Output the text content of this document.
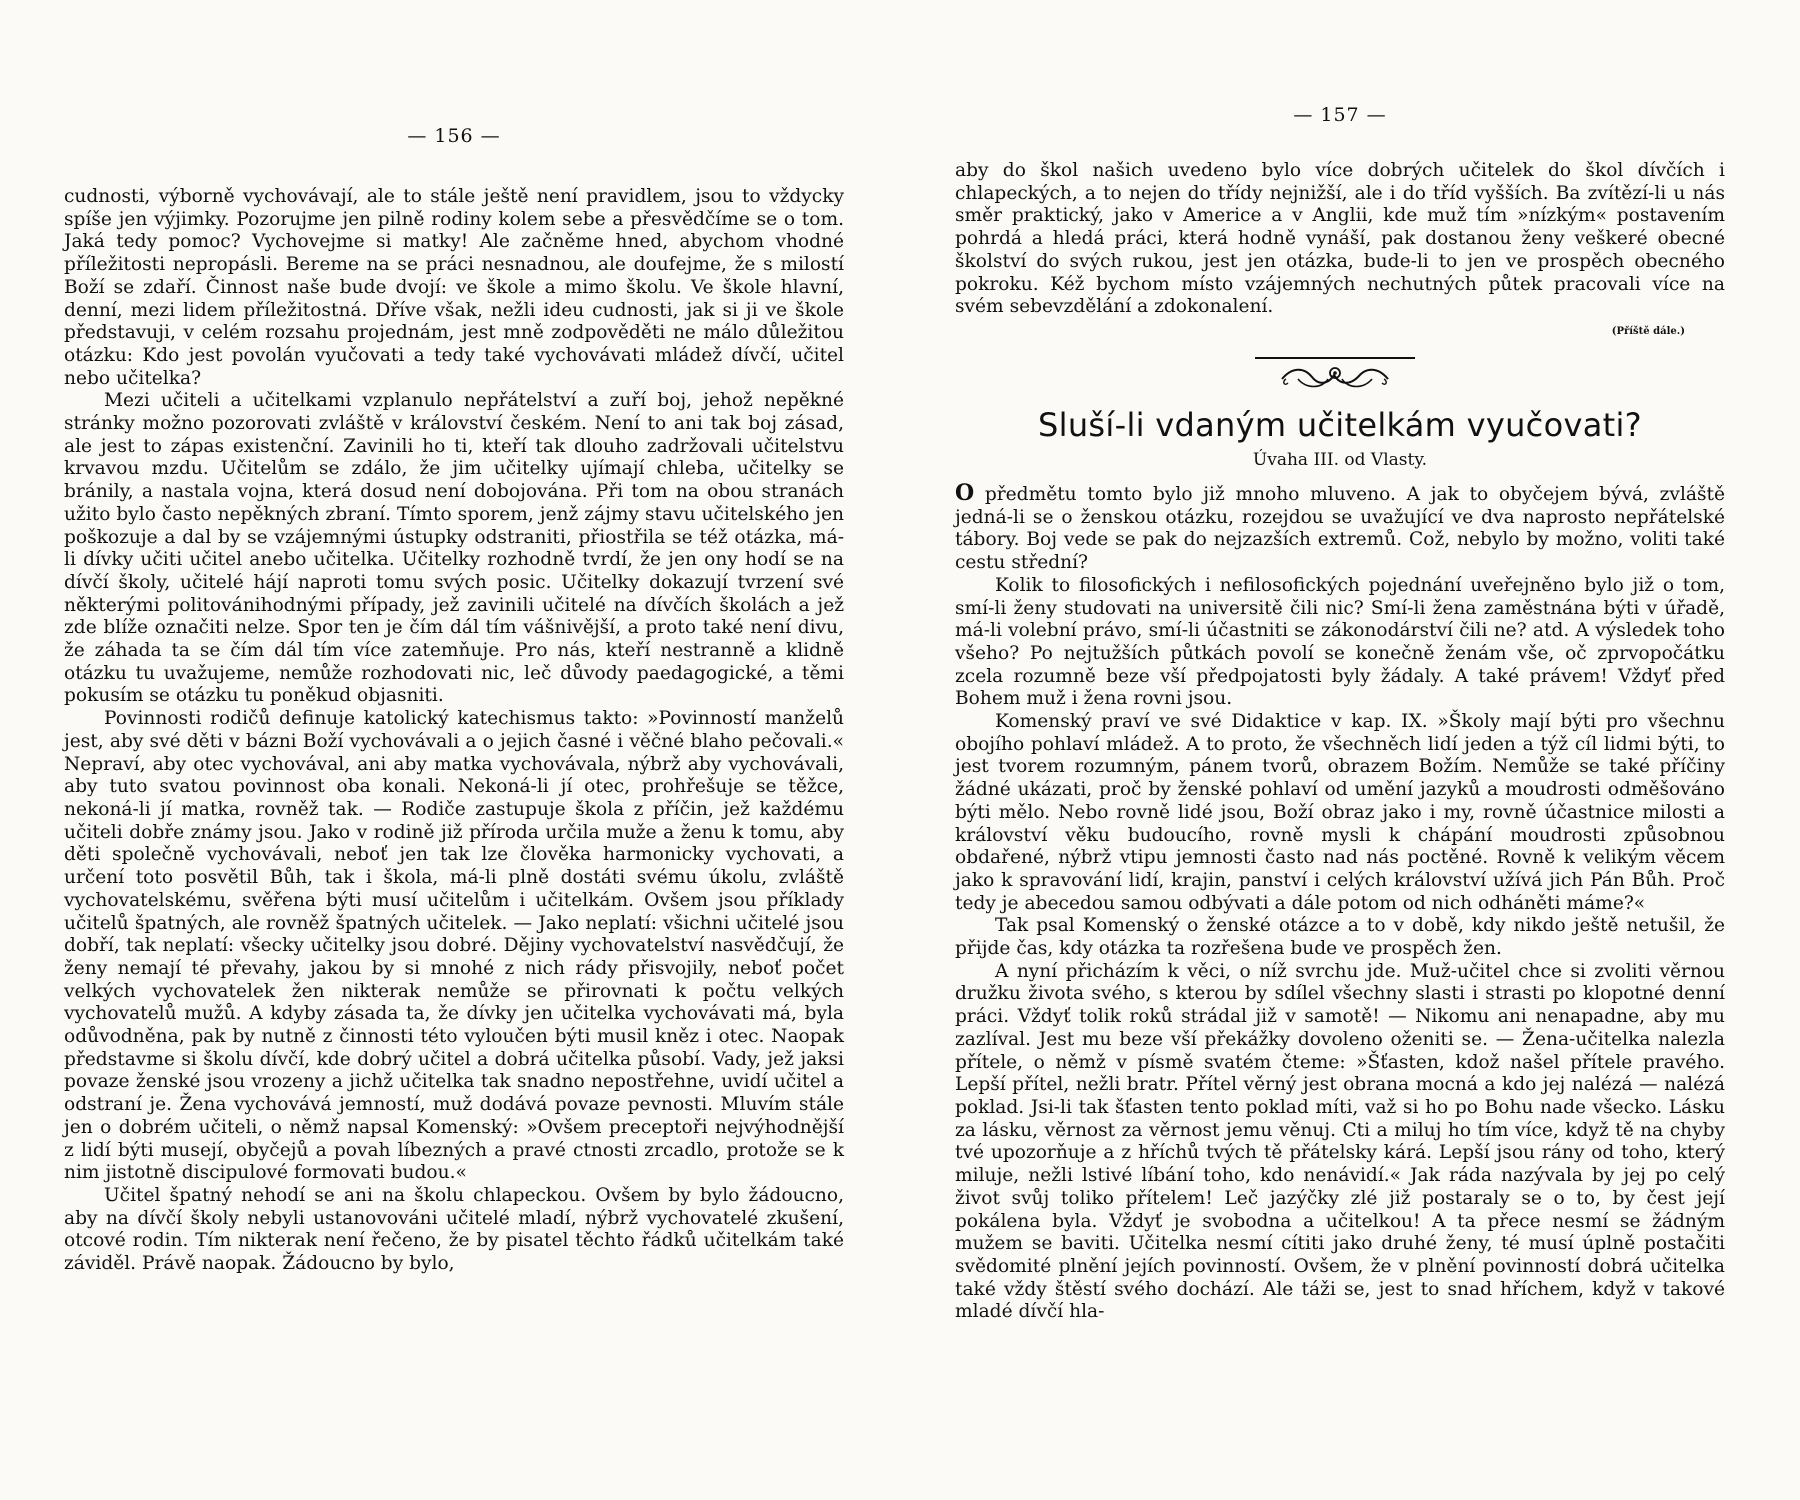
— 156 —

cudnosti, výborně vychovávají, ale to stále ještě není pravidlem, jsou to vždycky spíše jen výjimky. Pozorujme jen pilně rodiny kolem sebe a přesvědčíme se o tom. Jaká tedy pomoc? Vychovejme si matky! Ale začněme hned, abychom vhodné příležitosti nepropásli. Bereme na se práci nesnadnou, ale doufejme, že s milostí Boží se zdaří. Činnost naše bude dvojí: ve škole a mimo školu. Ve škole hlavní, denní, mezi lidem příležitostná. Dříve však, nežli ideu cudnosti, jak si ji ve škole představuji, v celém rozsahu projednám, jest mně zodpověděti ne málo důležitou otázku: Kdo jest povolán vyučovati a tedy také vychovávati mládež dívčí, učitel nebo učitelka?

Mezi učiteli a učitelkami vzplanulo nepřátelství a zuří boj, jehož nepěkné stránky možno pozorovati zvláště v království českém. Není to ani tak boj zásad, ale jest to zápas existenční. Zavinili ho ti, kteří tak dlouho zadržovali učitelstvu krvavou mzdu. Učitelům se zdálo, že jim učitelky ujímají chleba, učitelky se bránily, a nastala vojna, která dosud není dobojována. Při tom na obou stranách užito bylo často nepěkných zbraní. Tímto sporem, jenž zájmy stavu učitelského jen poškozuje a dal by se vzájemnými ústupky odstraniti, přiostřila se též otázka, má-li dívky učiti učitel anebo učitelka. Učitelky rozhodně tvrdí, že jen ony hodí se na dívčí školy, učitelé hájí naproti tomu svých posic. Učitelky dokazují tvrzení své některými politovánihodnými případy, jež zavinili učitelé na dívčích školách a jež zde blíže označiti nelze. Spor ten je čím dál tím vášnivější, a proto také není divu, že záhada ta se čím dál tím více zatemňuje. Pro nás, kteří nestranně a klidně otázku tu uvažujeme, nemůže rozhodovati nic, leč důvody paedagogické, a těmi pokusím se otázku tu poněkud objasniti.

Povinnosti rodičů definuje katolický katechismus takto: »Povinností manželů jest, aby své děti v bázni Boží vychovávali a o jejich časné i věčné blaho pečovali.« Nepraví, aby otec vychovával, ani aby matka vychovávala, nýbrž aby vychovávali, aby tuto svatou povinnost oba konali. Nekoná-li jí otec, prohřešuje se těžce, nekoná-li jí matka, rovněž tak. — Rodiče zastupuje škola z příčin, jež každému učiteli dobře známy jsou. Jako v rodině již příroda určila muže a ženu k tomu, aby děti společně vychovávali, neboť jen tak lze člověka harmonicky vychovati, a určení toto posvětil Bůh, tak i škola, má-li plně dostáti svému úkolu, zvláště vychovatelskému, svěřena býti musí učitelům i učitelkám. Ovšem jsou příklady učitelů špatných, ale rovněž špatných učitelek. — Jako neplatí: všichni učitelé jsou dobří, tak neplatí: všecky učitelky jsou dobré. Dějiny vychovatelství nasvědčují, že ženy nemají té převahy, jakou by si mnohé z nich rády přisvojily, neboť počet velkých vychovatelek žen nikterak nemůže se přirovnati k počtu velkých vychovatelů mužů. A kdyby zásada ta, že dívky jen učitelka vychovávati má, byla odůvodněna, pak by nutně z činnosti této vyloučen býti musil kněz i otec. Naopak představme si školu dívčí, kde dobrý učitel a dobrá učitelka působí. Vady, jež jaksi povaze ženské jsou vrozeny a jichž učitelka tak snadno nepostřehne, uvidí učitel a odstraní je. Žena vychovává jemností, muž dodává povaze pevnosti. Mluvím stále jen o dobrém učiteli, o němž napsal Komenský: »Ovšem preceptoři nejvýhodnější z lidí býti musejí, obyčejů a povah líbezných a pravé ctnosti zrcadlo, protože se k nim jistotně discipulové formovati budou.«

Učitel špatný nehodí se ani na školu chlapeckou. Ovšem by bylo žádoucno, aby na dívčí školy nebyli ustanovováni učitelé mladí, nýbrž vychovatelé zkušení, otcové rodin. Tím nikterak není řečeno, že by pisatel těchto řádků učitelkám také záviděl. Právě naopak. Žádoucno by bylo,

— 157 —

aby do škol našich uvedeno bylo více dobrých učitelek do škol dívčích i chlapeckých, a to nejen do třídy nejnižší, ale i do tříd vyšších. Ba zvítězí-li u nás směr praktický, jako v Americe a v Anglii, kde muž tím »nízkým« postavením pohrdá a hledá práci, která hodně vynáší, pak dostanou ženy veškeré obecné školství do svých rukou, jest jen otázka, bude-li to jen ve prospěch obecného pokroku. Kéž bychom místo vzájemných nechutných půtek pracovali více na svém sebevzdělání a zdokonalení.

(Příště dále.)
Sluší-li vdaným učitelkám vyučovati?
Úvaha III. od Vlasty.

O předmětu tomto bylo již mnoho mluveno. A jak to obyčejem bývá, zvláště jedná-li se o ženskou otázku, rozejdou se uvažující ve dva naprosto nepřátelské tábory. Boj vede se pak do nejzazších extremů. Což, nebylo by možno, voliti také cestu střední?

Kolik to filosofických i nefilosofických pojednání uveřejněno bylo již o tom, smí-li ženy studovati na universitě čili nic? Smí-li žena zaměstnána býti v úřadě, má-li volební právo, smí-li účastniti se zákonodárství čili ne? atd. A výsledek toho všeho? Po nejtužších půtkách povolí se konečně ženám vše, oč zprvopočátku zcela rozumně beze vší předpojatosti byly žádaly. A také právem! Vždyť před Bohem muž i žena rovni jsou.

Komenský praví ve své Didaktice v kap. IX. »Školy mají býti pro všechnu obojího pohlaví mládež. A to proto, že všechněch lidí jeden a týž cíl lidmi býti, to jest tvorem rozumným, pánem tvorů, obrazem Božím. Nemůže se také příčiny žádné ukázati, proč by ženské pohlaví od umění jazyků a moudrosti odměšováno býti mělo. Nebo rovně lidé jsou, Boží obraz jako i my, rovně účastnice milosti a království věku budoucího, rovně mysli k chápání moudrosti způsobnou obdařené, nýbrž vtipu jemnosti často nad nás poctěné. Rovně k velikým věcem jako k spravování lidí, krajin, panství i celých království užívá jich Pán Bůh. Proč tedy je abecedou samou odbývati a dále potom od nich odháněti máme?«

Tak psal Komenský o ženské otázce a to v době, kdy nikdo ještě netušil, že přijde čas, kdy otázka ta rozřešena bude ve prospěch žen.

A nyní přicházím k věci, o níž svrchu jde. Muž-učitel chce si zvoliti věrnou družku života svého, s kterou by sdílel všechny slasti i strasti po klopotné denní práci. Vždyť tolik roků strádal již v samotě! — Nikomu ani nenapadne, aby mu zazlíval. Jest mu beze vší překážky dovoleno oženiti se. — Žena-učitelka nalezla přítele, o němž v písmě svatém čteme: »Šťasten, kdož našel přítele pravého. Lepší přítel, nežli bratr. Přítel věrný jest obrana mocná a kdo jej nalézá — nalézá poklad. Jsi-li tak šťasten tento poklad míti, važ si ho po Bohu nade všecko. Lásku za lásku, věrnost za věrnost jemu věnuj. Cti a miluj ho tím více, když tě na chyby tvé upozorňuje a z hříchů tvých tě přátelsky kárá. Lepší jsou rány od toho, který miluje, nežli lstivé líbání toho, kdo nenávidí.« Jak ráda nazývala by jej po celý život svůj tolikо přítelem! Leč jazýčky zlé již postaraly se o to, by čest její pokálena byla. Vždyť je svobodna a učitelkou! A ta přece nesmí se žádným mužem se baviti. Učitelka nesmí cítiti jako druhé ženy, té musí úplně postačiti svědomité plnění jejích povinností. Ovšem, že v plnění povinností dobrá učitelka také vždy štěstí svého dochází. Ale táži se, jest to snad hříchem, když v takové mladé dívčí hla-
